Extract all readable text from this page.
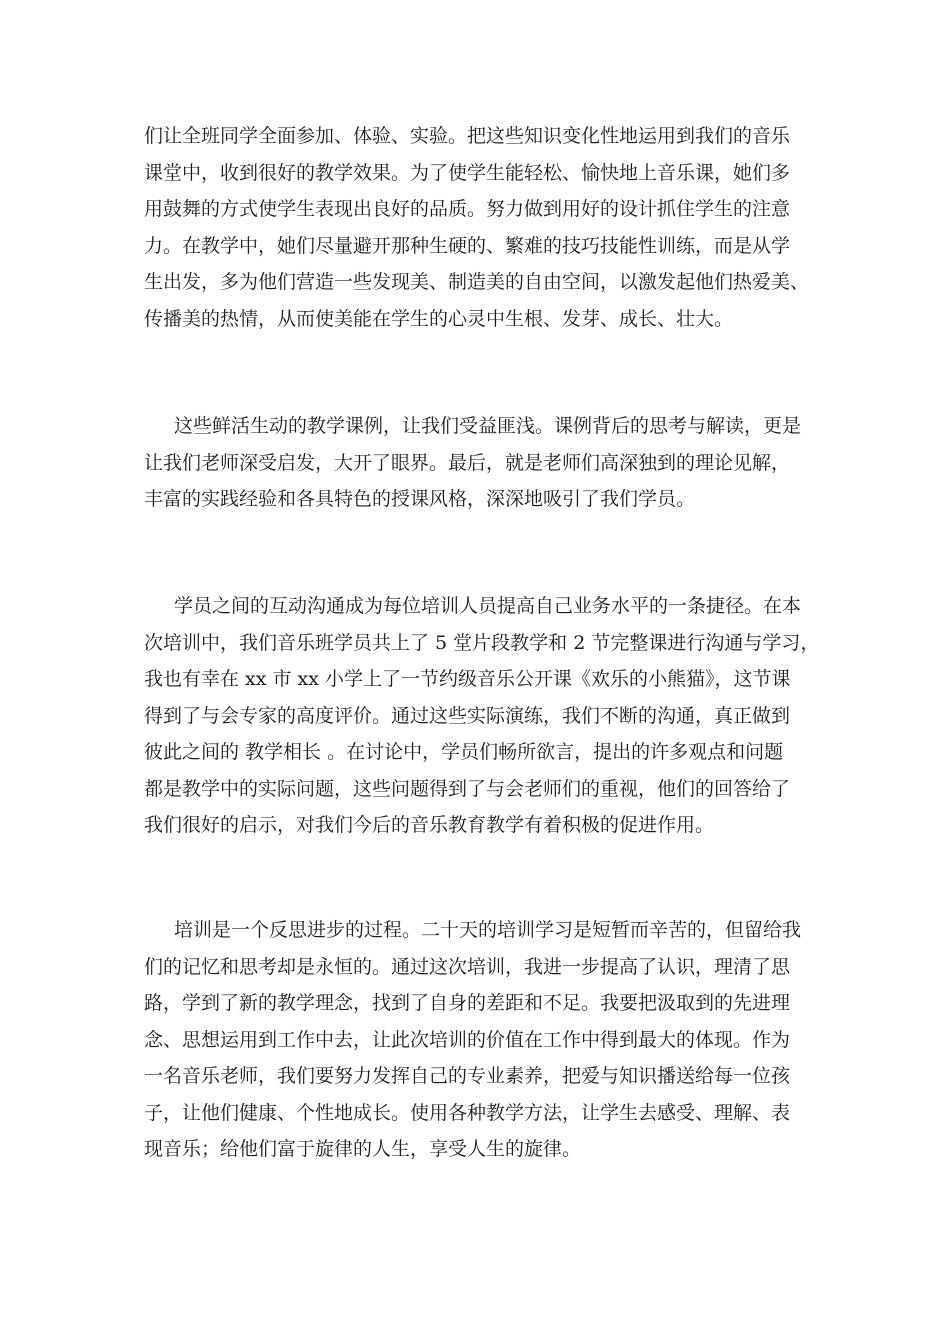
们让全班同学全面参加、体验、实验。把这些知识变化性地运用到我们的音乐
课堂中，收到很好的教学效果。为了使学生能轻松、愉快地上音乐课，她们多
用鼓舞的方式使学生表现出良好的品质。努力做到用好的设计抓住学生的注意
力。在教学中，她们尽量避开那种生硬的、繁难的技巧技能性训练，而是从学
生出发，多为他们营造一些发现美、制造美的自由空间，以激发起他们热爱美、
传播美的热情，从而使美能在学生的心灵中生根、发芽、成长、壮大。
这些鲜活生动的教学课例，让我们受益匪浅。课例背后的思考与解读，更是
让我们老师深受启发，大开了眼界。最后，就是老师们高深独到的理论见解，
丰富的实践经验和各具特色的授课风格，深深地吸引了我们学员。
学员之间的互动沟通成为每位培训人员提高自己业务水平的一条捷径。在本
次培训中，我们音乐班学员共上了 5 堂片段教学和 2 节完整课进行沟通与学习，
我也有幸在 xx 市 xx 小学上了一节约级音乐公开课《欢乐的小熊猫》，这节课
得到了与会专家的高度评价。通过这些实际演练，我们不断的沟通，真正做到
彼此之间的 教学相长 。在讨论中，学员们畅所欲言，提出的许多观点和问题
都是教学中的实际问题，这些问题得到了与会老师们的重视，他们的回答给了
我们很好的启示，对我们今后的音乐教育教学有着积极的促进作用。
培训是一个反思进步的过程。二十天的培训学习是短暂而辛苦的，但留给我
们的记忆和思考却是永恒的。通过这次培训，我进一步提高了认识，理清了思
路，学到了新的教学理念，找到了自身的差距和不足。我要把汲取到的先进理
念、思想运用到工作中去，让此次培训的价值在工作中得到最大的体现。作为
一名音乐老师，我们要努力发挥自己的专业素养，把爱与知识播送给每一位孩
子，让他们健康、个性地成长。使用各种教学方法，让学生去感受、理解、表
现音乐；给他们富于旋律的人生，享受人生的旋律。
